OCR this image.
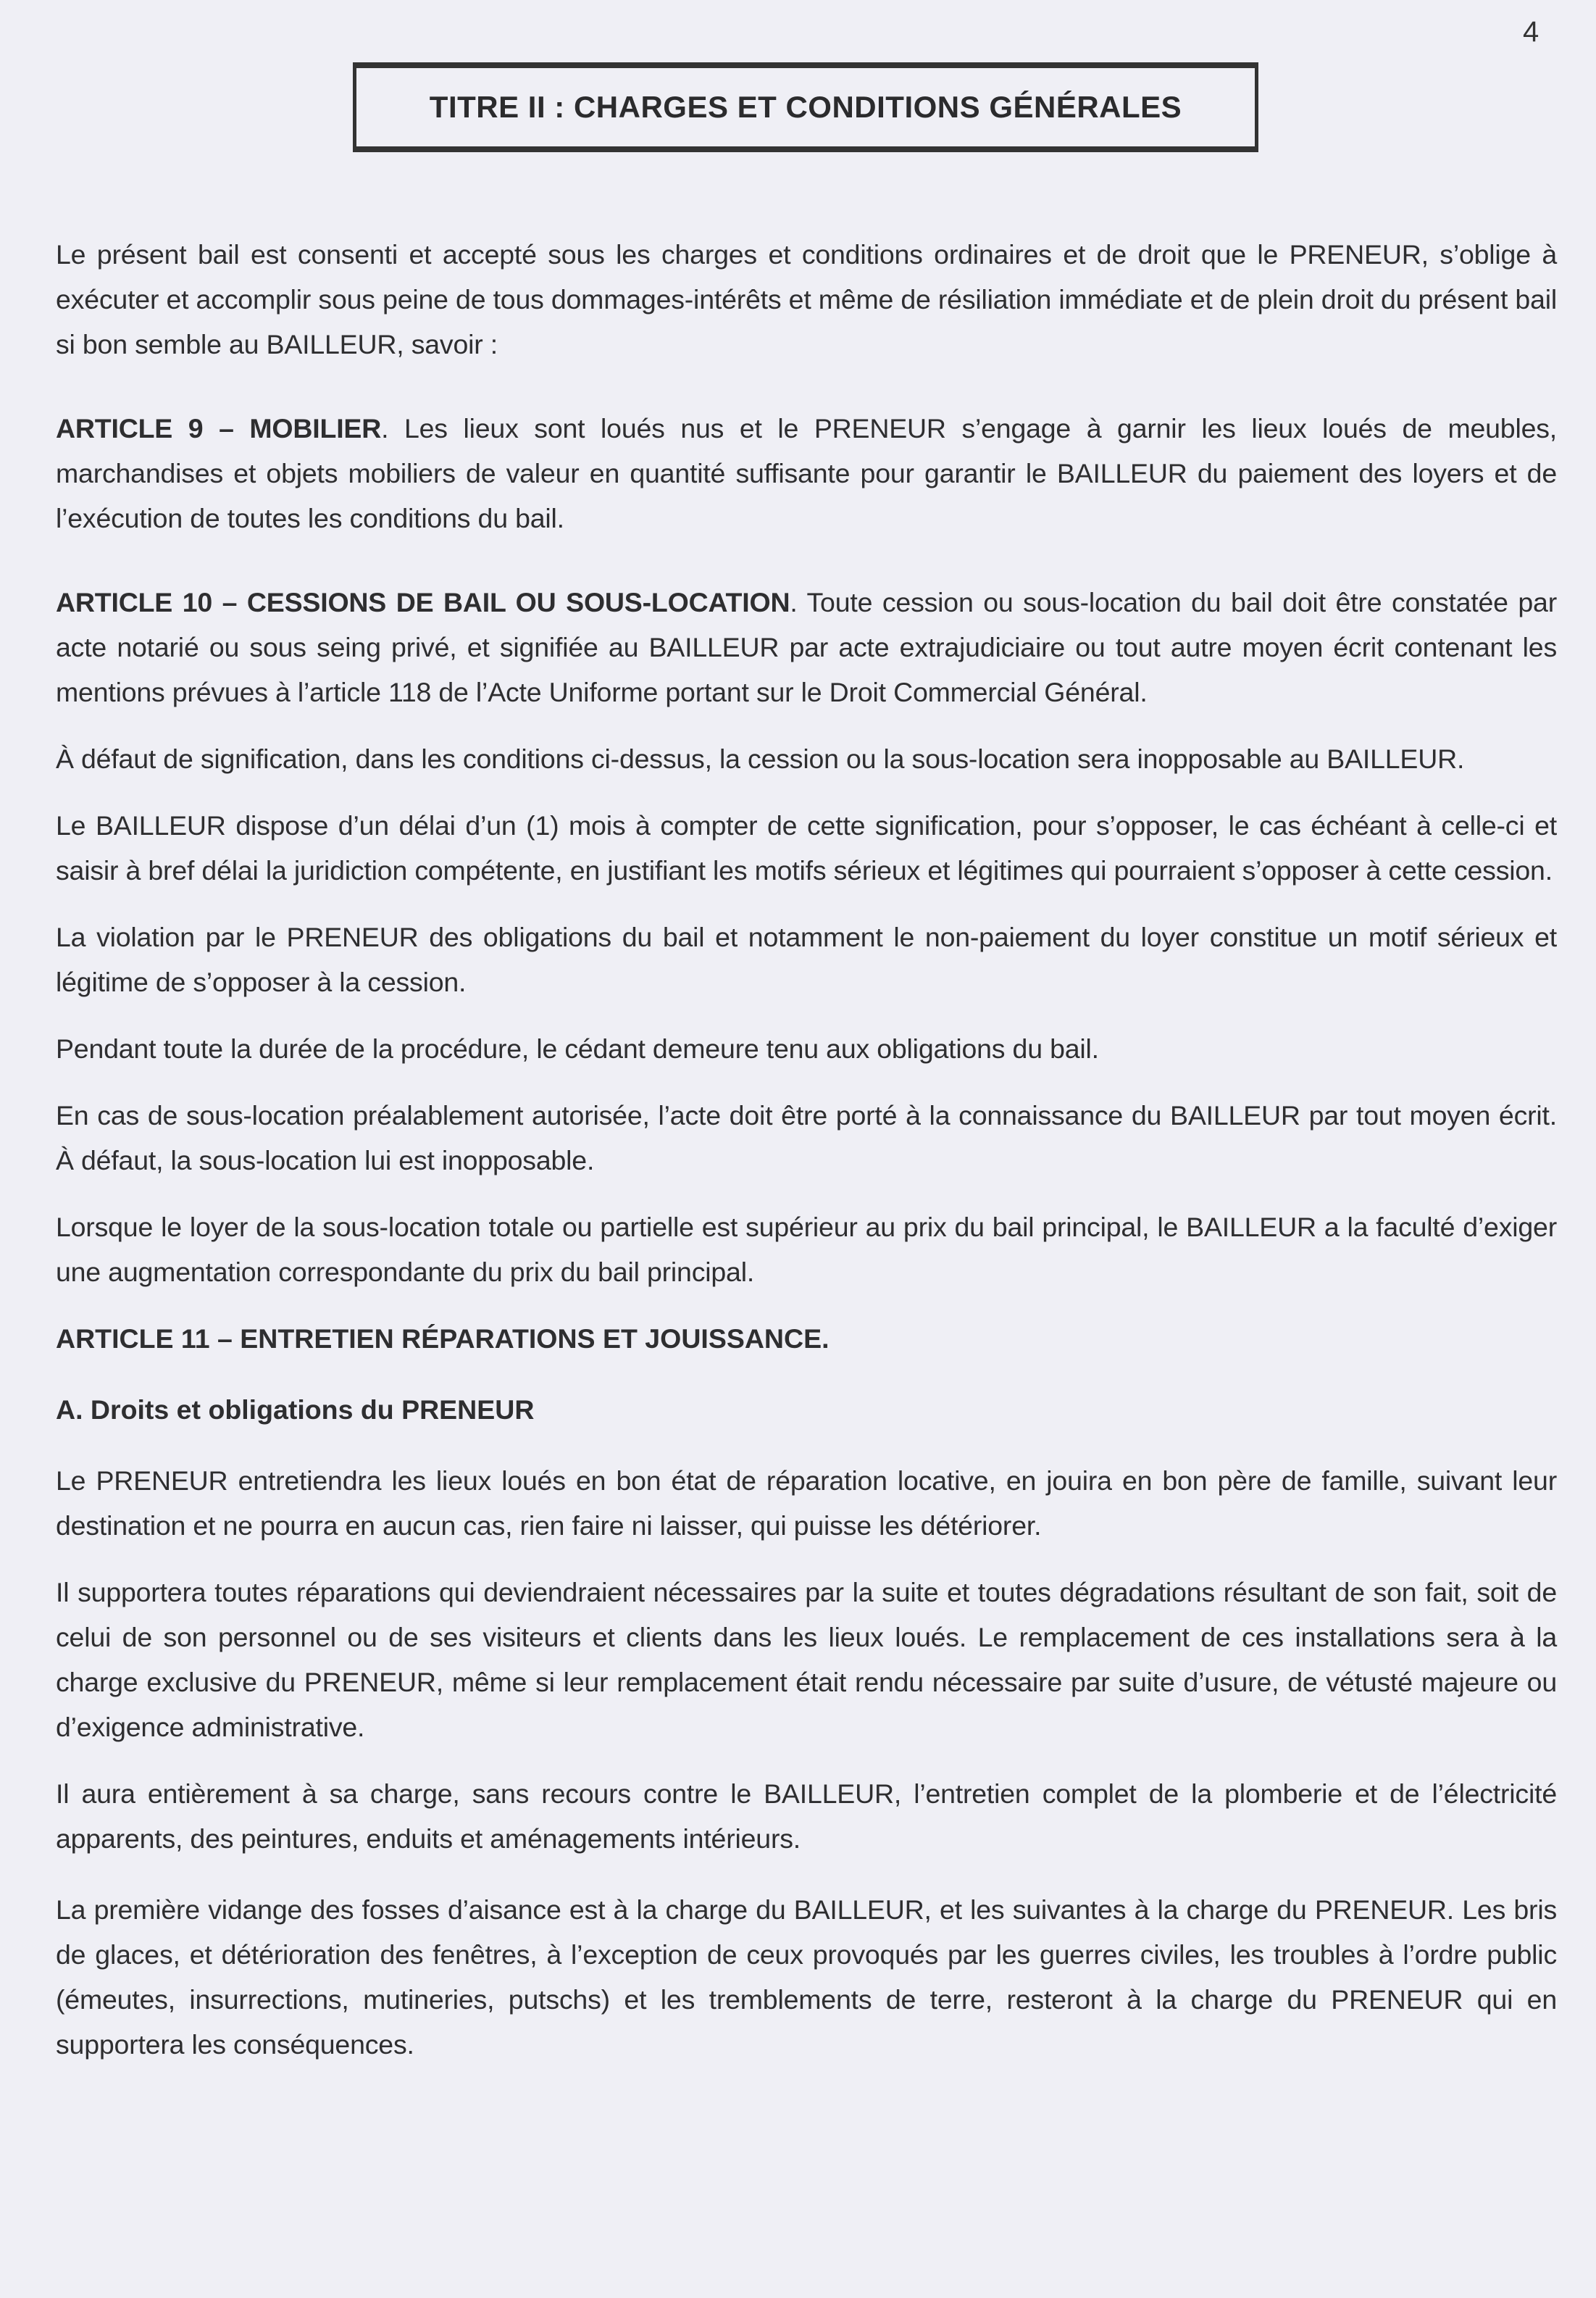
4
TITRE II : CHARGES ET CONDITIONS GÉNÉRALES

Le présent bail est consenti et accepté sous les charges et conditions ordinaires et de droit que le PRENEUR, s’oblige à exécuter et accomplir sous peine de tous dommages-intérêts et même de résiliation immédiate et de plein droit du présent bail si bon semble au BAILLEUR, savoir :

ARTICLE 9 – MOBILIER. Les lieux sont loués nus et le PRENEUR s’engage à garnir les lieux loués de meubles, marchandises et objets mobiliers de valeur en quantité suffisante pour garantir le BAILLEUR du paiement des loyers et de l’exécution de toutes les conditions du bail.

ARTICLE 10 – CESSIONS DE BAIL OU SOUS-LOCATION. Toute cession ou sous-location du bail doit être constatée par acte notarié ou sous seing privé, et signifiée au BAILLEUR par acte extrajudiciaire ou tout autre moyen écrit contenant les mentions prévues à l’article 118 de l’Acte Uniforme portant sur le Droit Commercial Général.

À défaut de signification, dans les conditions ci-dessus, la cession ou la sous-location sera inopposable au BAILLEUR.

Le BAILLEUR dispose d’un délai d’un (1) mois à compter de cette signification, pour s’opposer, le cas échéant à celle-ci et saisir à bref délai la juridiction compétente, en justifiant les motifs sérieux et légitimes qui pourraient s’opposer à cette cession.

La violation par le PRENEUR des obligations du bail et notamment le non-paiement du loyer constitue un motif sérieux et légitime de s’opposer à la cession.

Pendant toute la durée de la procédure, le cédant demeure tenu aux obligations du bail.

En cas de sous-location préalablement autorisée, l’acte doit être porté à la connaissance du BAILLEUR par tout moyen écrit. À défaut, la sous-location lui est inopposable.

Lorsque le loyer de la sous-location totale ou partielle est supérieur au prix du bail principal, le BAILLEUR a la faculté d’exiger une augmentation correspondante du prix du bail principal.

ARTICLE 11 – ENTRETIEN RÉPARATIONS ET JOUISSANCE.

A. Droits et obligations du PRENEUR

Le PRENEUR entretiendra les lieux loués en bon état de réparation locative, en jouira en bon père de famille, suivant leur destination et ne pourra en aucun cas, rien faire ni laisser, qui puisse les détériorer.

Il supportera toutes réparations qui deviendraient nécessaires par la suite et toutes dégradations résultant de son fait, soit de celui de son personnel ou de ses visiteurs et clients dans les lieux loués. Le remplacement de ces installations sera à la charge exclusive du PRENEUR, même si leur remplacement était rendu nécessaire par suite d’usure, de vétusté majeure ou d’exigence administrative.

Il aura entièrement à sa charge, sans recours contre le BAILLEUR, l’entretien complet de la plomberie et de l’électricité apparents, des peintures, enduits et aménagements intérieurs.

La première vidange des fosses d’aisance est à la charge du BAILLEUR, et les suivantes à la charge du PRENEUR. Les bris de glaces, et détérioration des fenêtres, à l’exception de ceux provoqués par les guerres civiles, les troubles à l’ordre public (émeutes, insurrections, mutineries, putschs) et les tremblements de terre, resteront à la charge du PRENEUR qui en supportera les conséquences.
